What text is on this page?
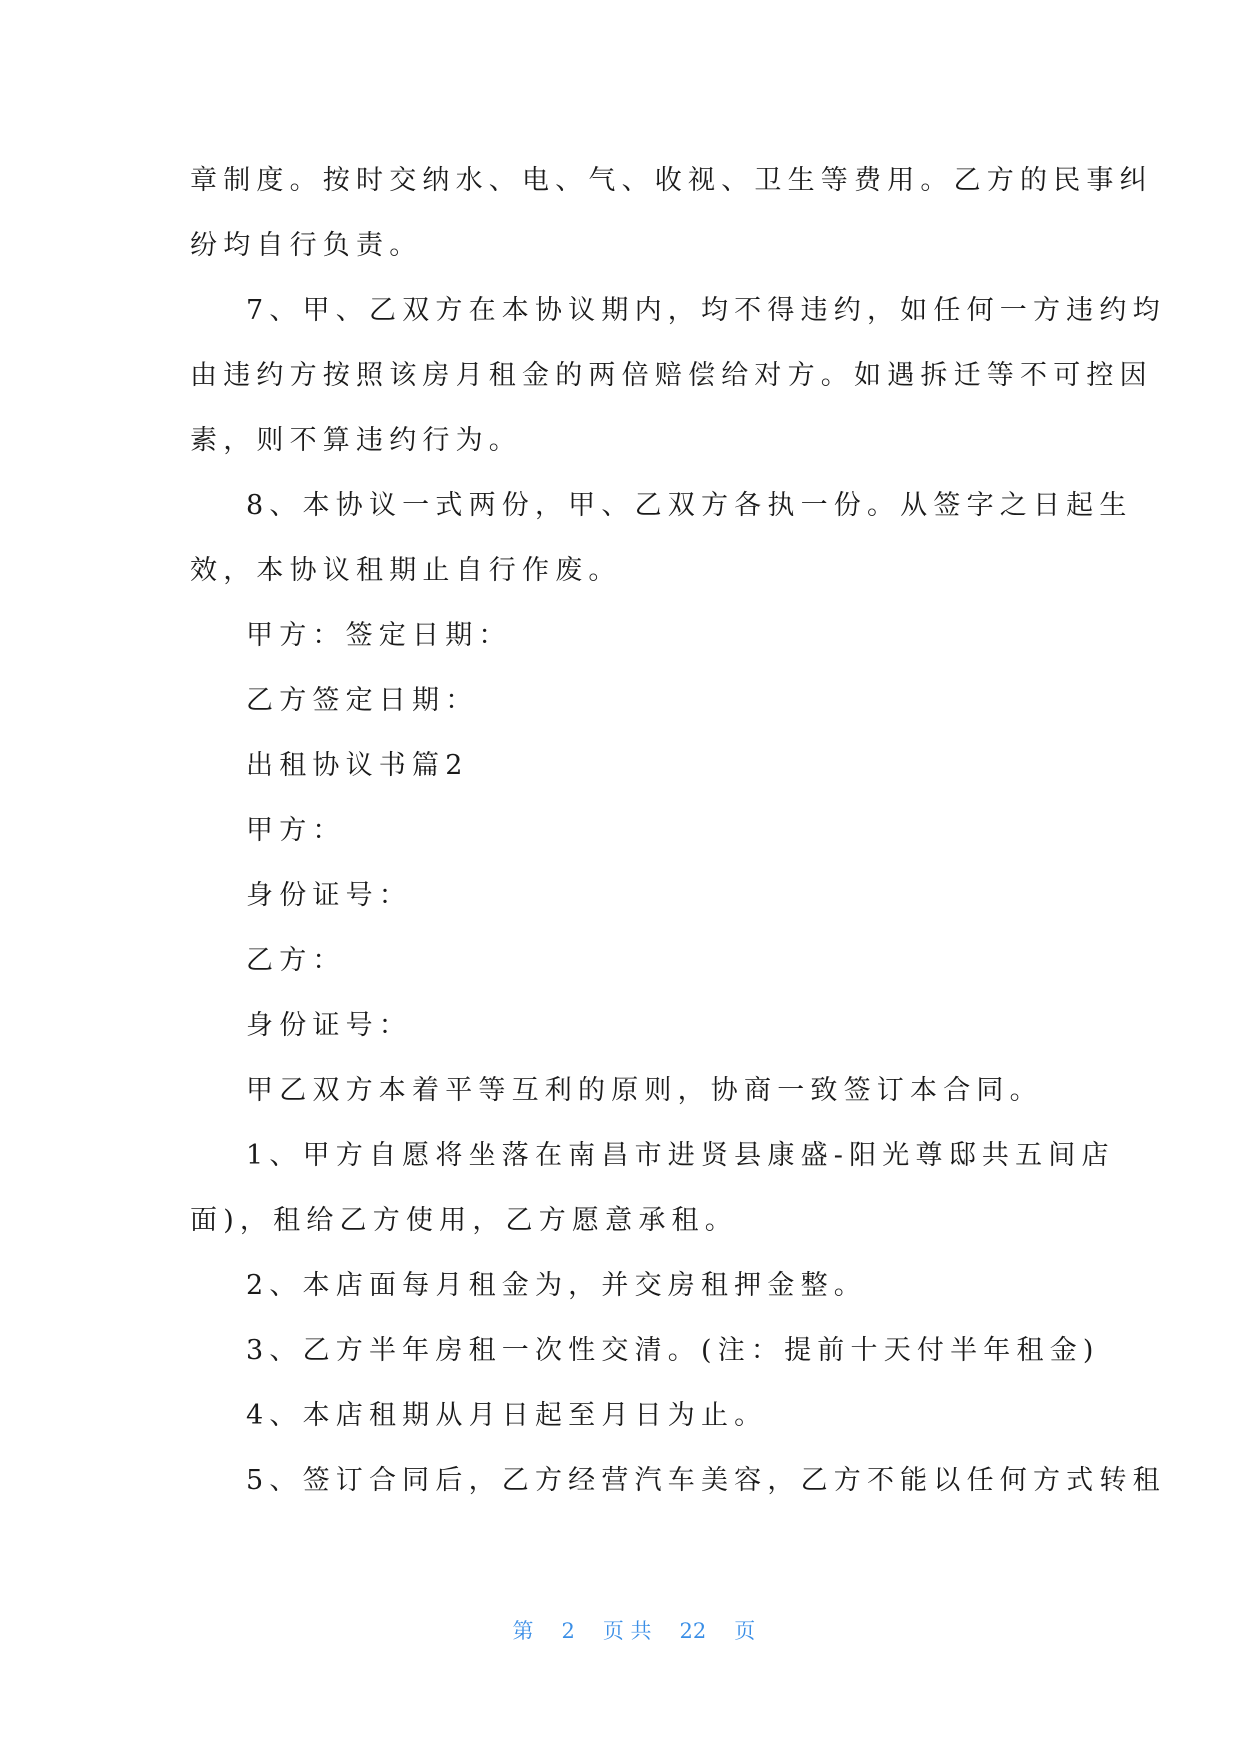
章制度。按时交纳水、电、气、收视、卫生等费用。乙方的民事纠
纷均自行负责。
7、甲、乙双方在本协议期内，均不得违约，如任何一方违约均
由违约方按照该房月租金的两倍赔偿给对方。如遇拆迁等不可控因
素，则不算违约行为。
8、本协议一式两份，甲、乙双方各执一份。从签字之日起生
效，本协议租期止自行作废。
甲方：签定日期：
乙方签定日期：
出租协议书篇2
甲方：
身份证号：
乙方：
身份证号：
甲乙双方本着平等互利的原则，协商一致签订本合同。
1、甲方自愿将坐落在南昌市进贤县康盛-阳光尊邸共五间店
面)，租给乙方使用，乙方愿意承租。
2、本店面每月租金为，并交房租押金整。
3、乙方半年房租一次性交清。(注：提前十天付半年租金)
4、本店租期从月日起至月日为止。
5、签订合同后，乙方经营汽车美容，乙方不能以任何方式转租

第 2 页 共 22 页
